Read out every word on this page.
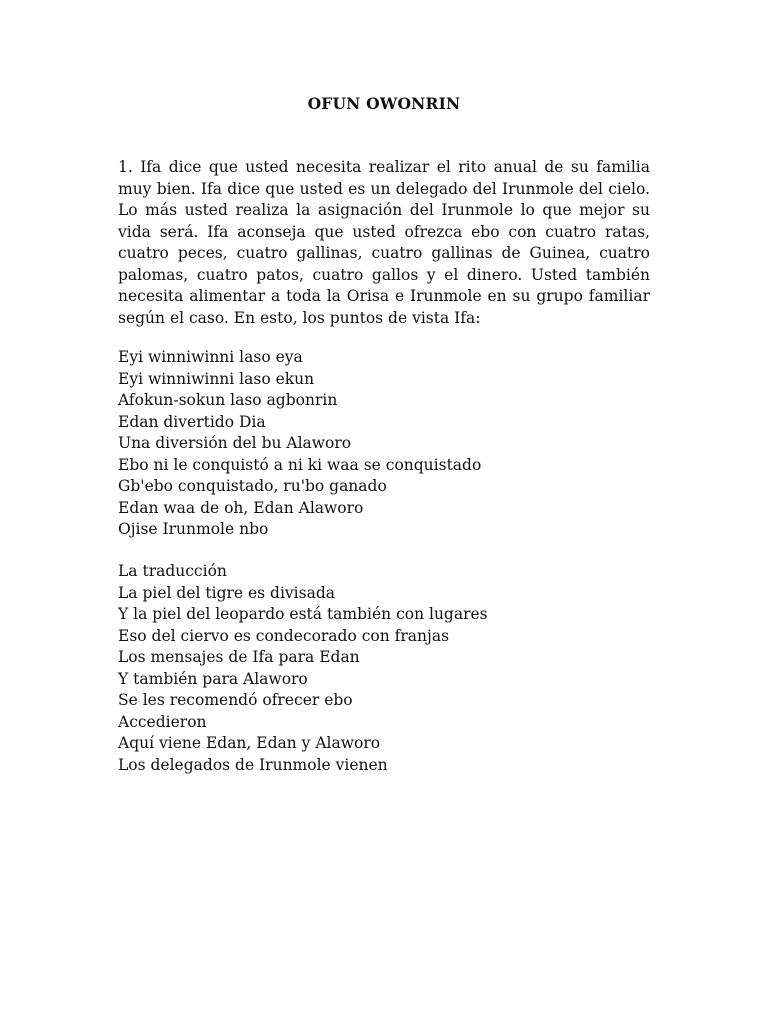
OFUN OWONRIN

1. Ifa dice que usted necesita realizar el rito anual de su familia muy bien. Ifa dice que usted es un delegado del Irunmole del cielo. Lo más usted realiza la asignación del Irunmole lo que mejor su vida será. Ifa aconseja que usted ofrezca ebo con cuatro ratas, cuatro peces, cuatro gallinas, cuatro gallinas de Guinea, cuatro palomas, cuatro patos, cuatro gallos y el dinero. Usted también necesita alimentar a toda la Orisa e Irunmole en su grupo familiar según el caso. En esto, los puntos de vista Ifa:

Eyi winniwinni laso eya
Eyi winniwinni laso ekun
Afokun-sokun laso agbonrin
Edan divertido Dia
Una diversión del bu Alaworo
Ebo ni le conquistó a ni ki waa se conquistado
Gb'ebo conquistado, ru'bo ganado
Edan waa de oh, Edan Alaworo
Ojise Irunmole nbo
La traducción
La piel del tigre es divisada
Y la piel del leopardo está también con lugares
Eso del ciervo es condecorado con franjas
Los mensajes de Ifa para Edan
Y también para Alaworo
Se les recomendó ofrecer ebo
Accedieron
Aquí viene Edan, Edan y Alaworo
Los delegados de Irunmole vienen
